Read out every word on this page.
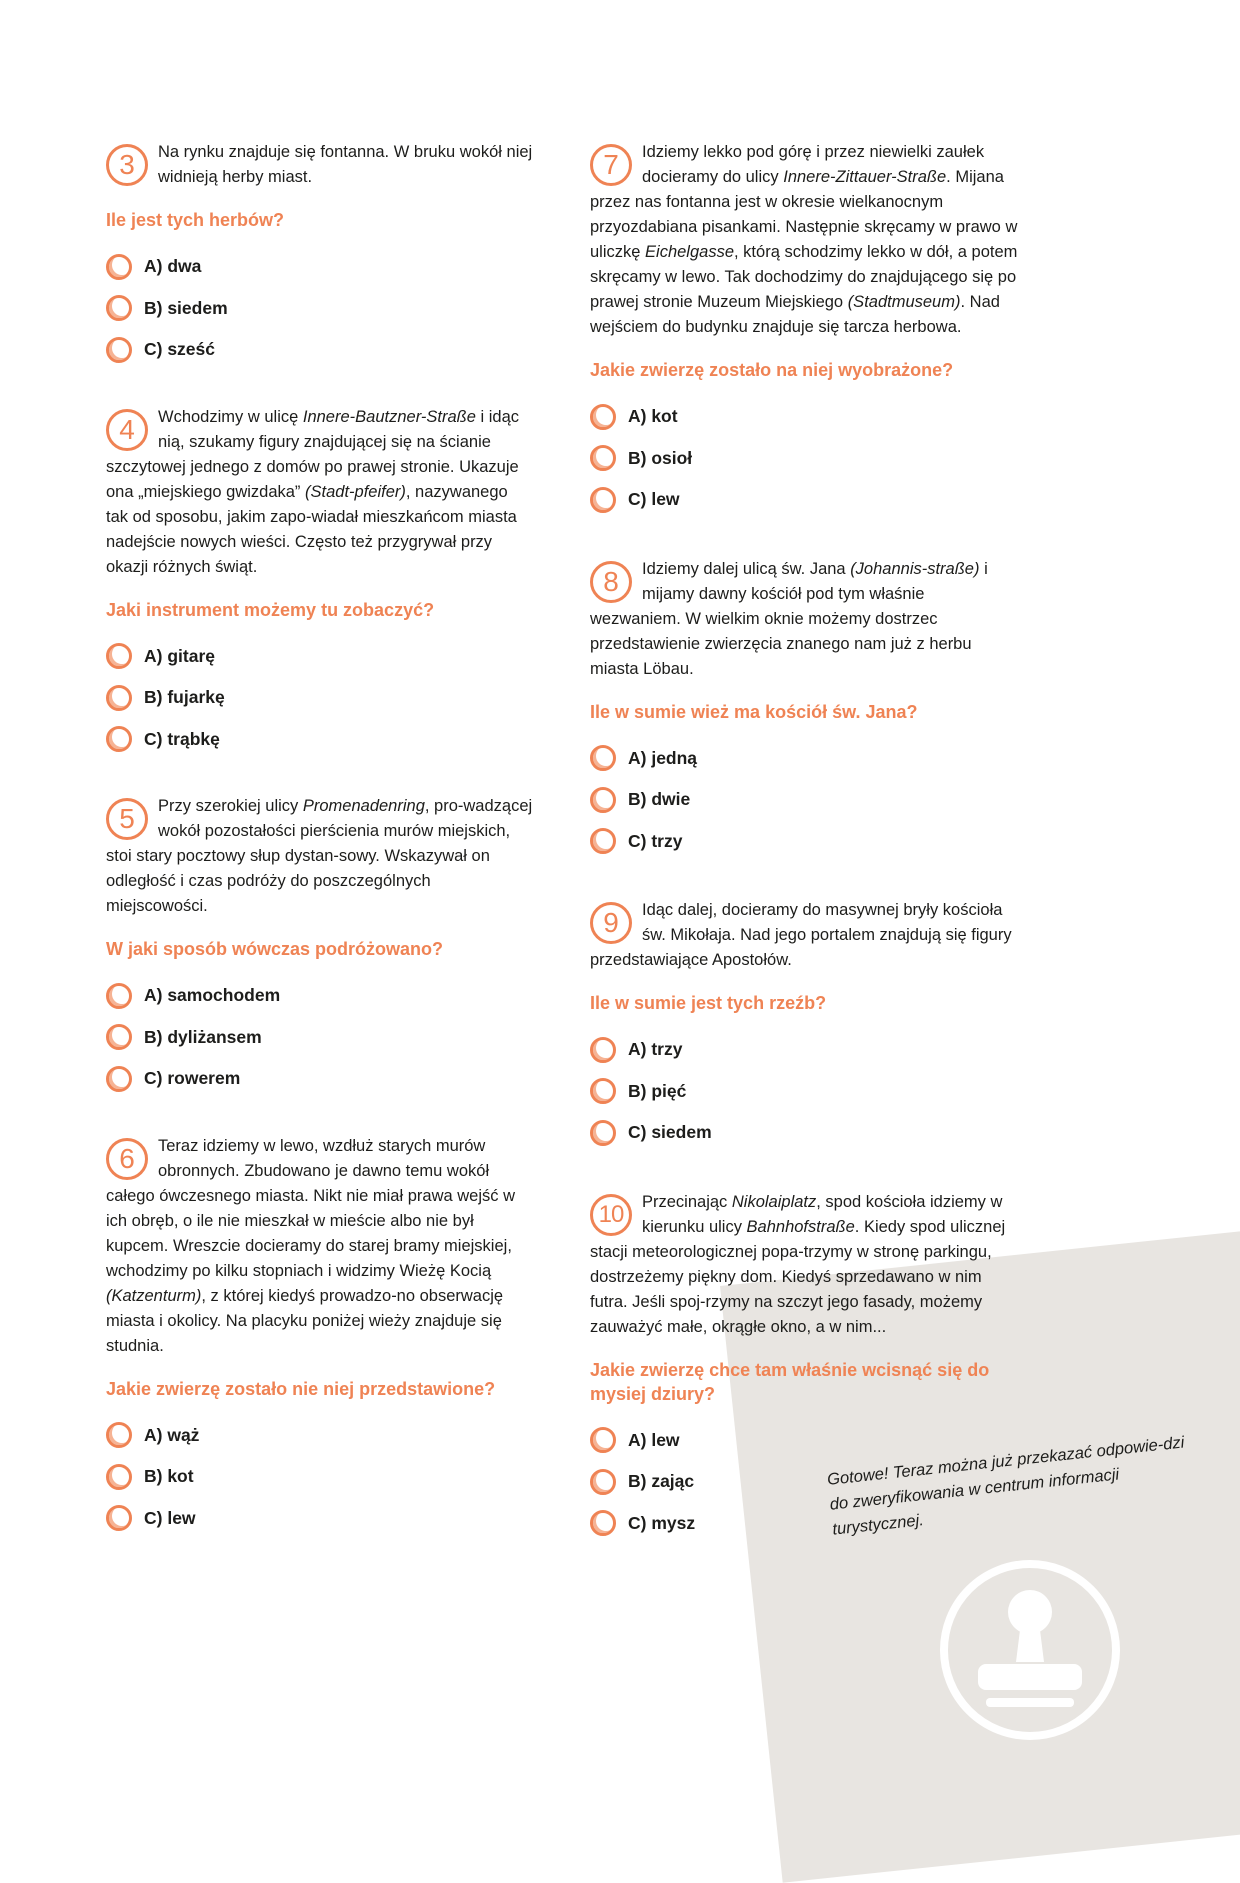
Gotowe! Teraz można już przekazać odpowie-dzi do zweryfikowania w centrum informacji turystycznej.

3	Na rynku znajduje się fontanna. W bruku wokół niej widnieją herby miast.

Ile jest tych herbów?
A) dwa
B) siedem
C) sześć

4	Wchodzimy w ulicę Innere-Bautzner-Straße i idąc nią, szukamy figury znajdującej się na ścianie szczytowej jednego z domów po prawej stronie. Ukazuje ona „miejskiego gwizdaka” (Stadt-pfeifer), nazywanego tak od sposobu, jakim zapo-wiadał mieszkańcom miasta nadejście nowych wieści. Często też przygrywał przy okazji różnych świąt.

Jaki instrument możemy tu zobaczyć?
A) gitarę
B) fujarkę
C) trąbkę

5	Przy szerokiej ulicy Promenadenring, pro-wadzącej wokół pozostałości pierścienia murów miejskich, stoi stary pocztowy słup dystan-sowy. Wskazywał on odległość i czas podróży do poszczególnych miejscowości.

W jaki sposób wówczas podróżowano?
A) samochodem
B) dyliżansem
C) rowerem

6	Teraz idziemy w lewo, wzdłuż starych murów obronnych. Zbudowano je dawno temu wokół całego ówczesnego miasta. Nikt nie miał prawa wejść w ich obręb, o ile nie mieszkał w mieście albo nie był kupcem. Wreszcie docieramy do starej bramy miejskiej, wchodzimy po kilku stopniach i widzimy Wieżę Kocią (Katzenturm), z której kiedyś prowadzo-no obserwację miasta i okolicy. Na placyku poniżej wieży znajduje się studnia.

Jakie zwierzę zostało nie niej przedstawione?
A) wąż
B) kot
C) lew

7	Idziemy lekko pod górę i przez niewielki zaułek docieramy do ulicy Innere-Zittauer-Straße. Mijana przez nas fontanna jest w okresie wielkanocnym przyozdabiana pisankami. Następnie skręcamy w prawo w uliczkę Eichelgasse, którą schodzimy lekko w dół, a potem skręcamy w lewo. Tak dochodzimy do znajdującego się po prawej stronie Muzeum Miejskiego (Stadtmuseum). Nad wejściem do budynku znajduje się tarcza herbowa.

Jakie zwierzę zostało na niej wyobrażone?
A) kot
B) osioł
C) lew

8	Idziemy dalej ulicą św. Jana (Johannis-straße) i mijamy dawny kościół pod tym właśnie wezwaniem. W wielkim oknie możemy dostrzec przedstawienie zwierzęcia znanego nam już z herbu miasta Löbau.

Ile w sumie wież ma kościół św. Jana?
A) jedną
B) dwie
C) trzy

9	Idąc dalej, docieramy do masywnej bryły kościoła św. Mikołaja. Nad jego portalem znajdują się figury przedstawiające Apostołów.

Ile w sumie jest tych rzeźb?
A) trzy
B) pięć
C) siedem

10	Przecinając Nikolaiplatz, spod kościoła idziemy w kierunku ulicy Bahnhofstraße. Kiedy spod ulicznej stacji meteorologicznej popa-trzymy w stronę parkingu, dostrzeżemy piękny dom. Kiedyś sprzedawano w nim futra. Jeśli spoj-rzymy na szczyt jego fasady, możemy zauważyć małe, okrągłe okno, a w nim...

Jakie zwierzę chce tam właśnie wcisnąć się do mysiej dziury?
A) lew
B) zając
C) mysz
